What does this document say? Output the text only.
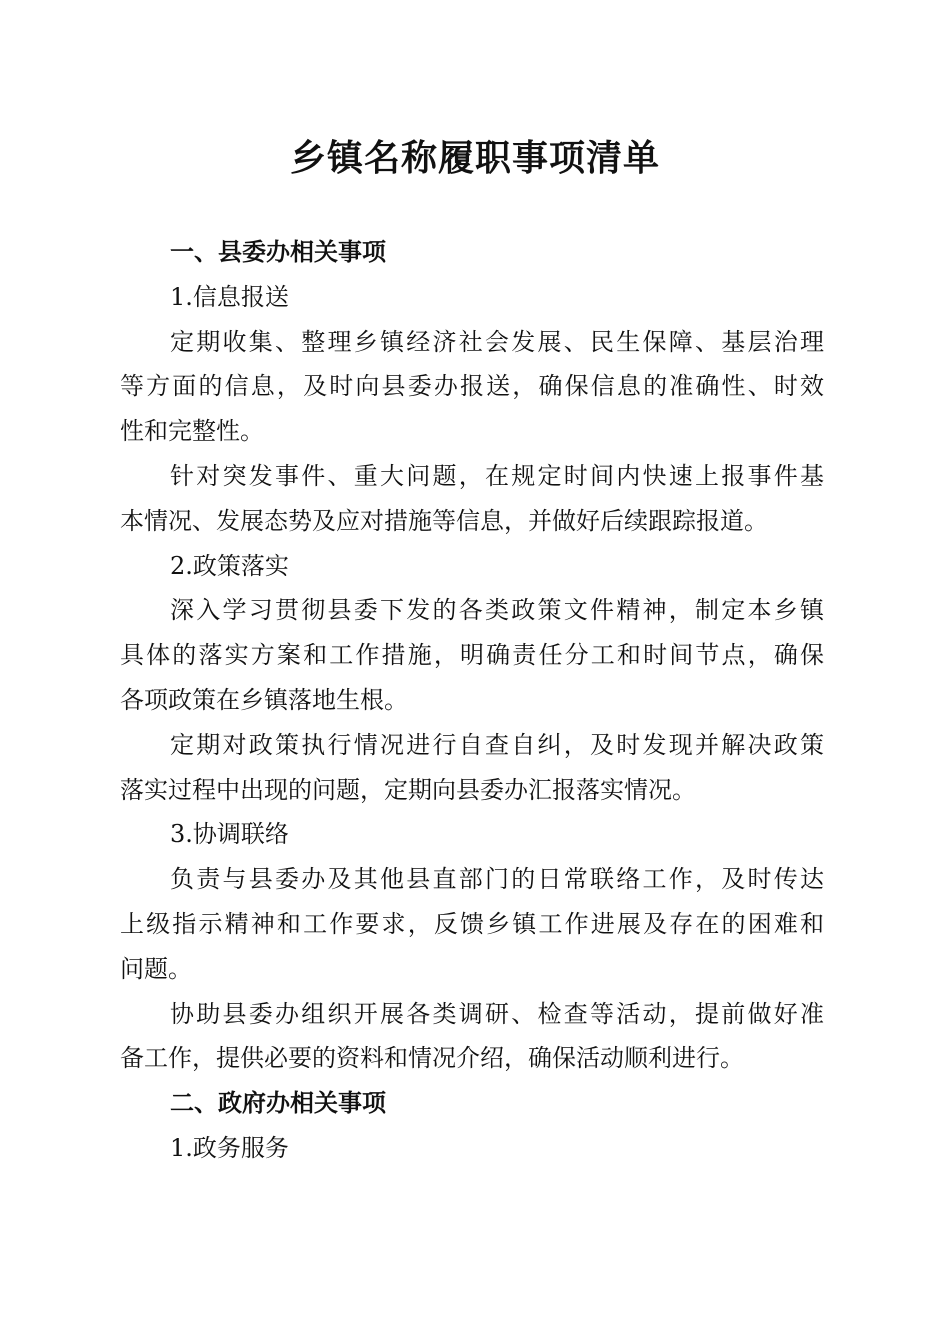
乡镇名称履职事项清单
一、县委办相关事项
1.信息报送
定期收集、整理乡镇经济社会发展、民生保障、基层治理
等方面的信息，及时向县委办报送，确保信息的准确性、时效
性和完整性。
针对突发事件、重大问题，在规定时间内快速上报事件基
本情况、发展态势及应对措施等信息，并做好后续跟踪报道。
2.政策落实
深入学习贯彻县委下发的各类政策文件精神，制定本乡镇
具体的落实方案和工作措施，明确责任分工和时间节点，确保
各项政策在乡镇落地生根。
定期对政策执行情况进行自查自纠，及时发现并解决政策
落实过程中出现的问题，定期向县委办汇报落实情况。
3.协调联络
负责与县委办及其他县直部门的日常联络工作，及时传达
上级指示精神和工作要求，反馈乡镇工作进展及存在的困难和
问题。
协助县委办组织开展各类调研、检查等活动，提前做好准
备工作，提供必要的资料和情况介绍，确保活动顺利进行。
二、政府办相关事项
1.政务服务
